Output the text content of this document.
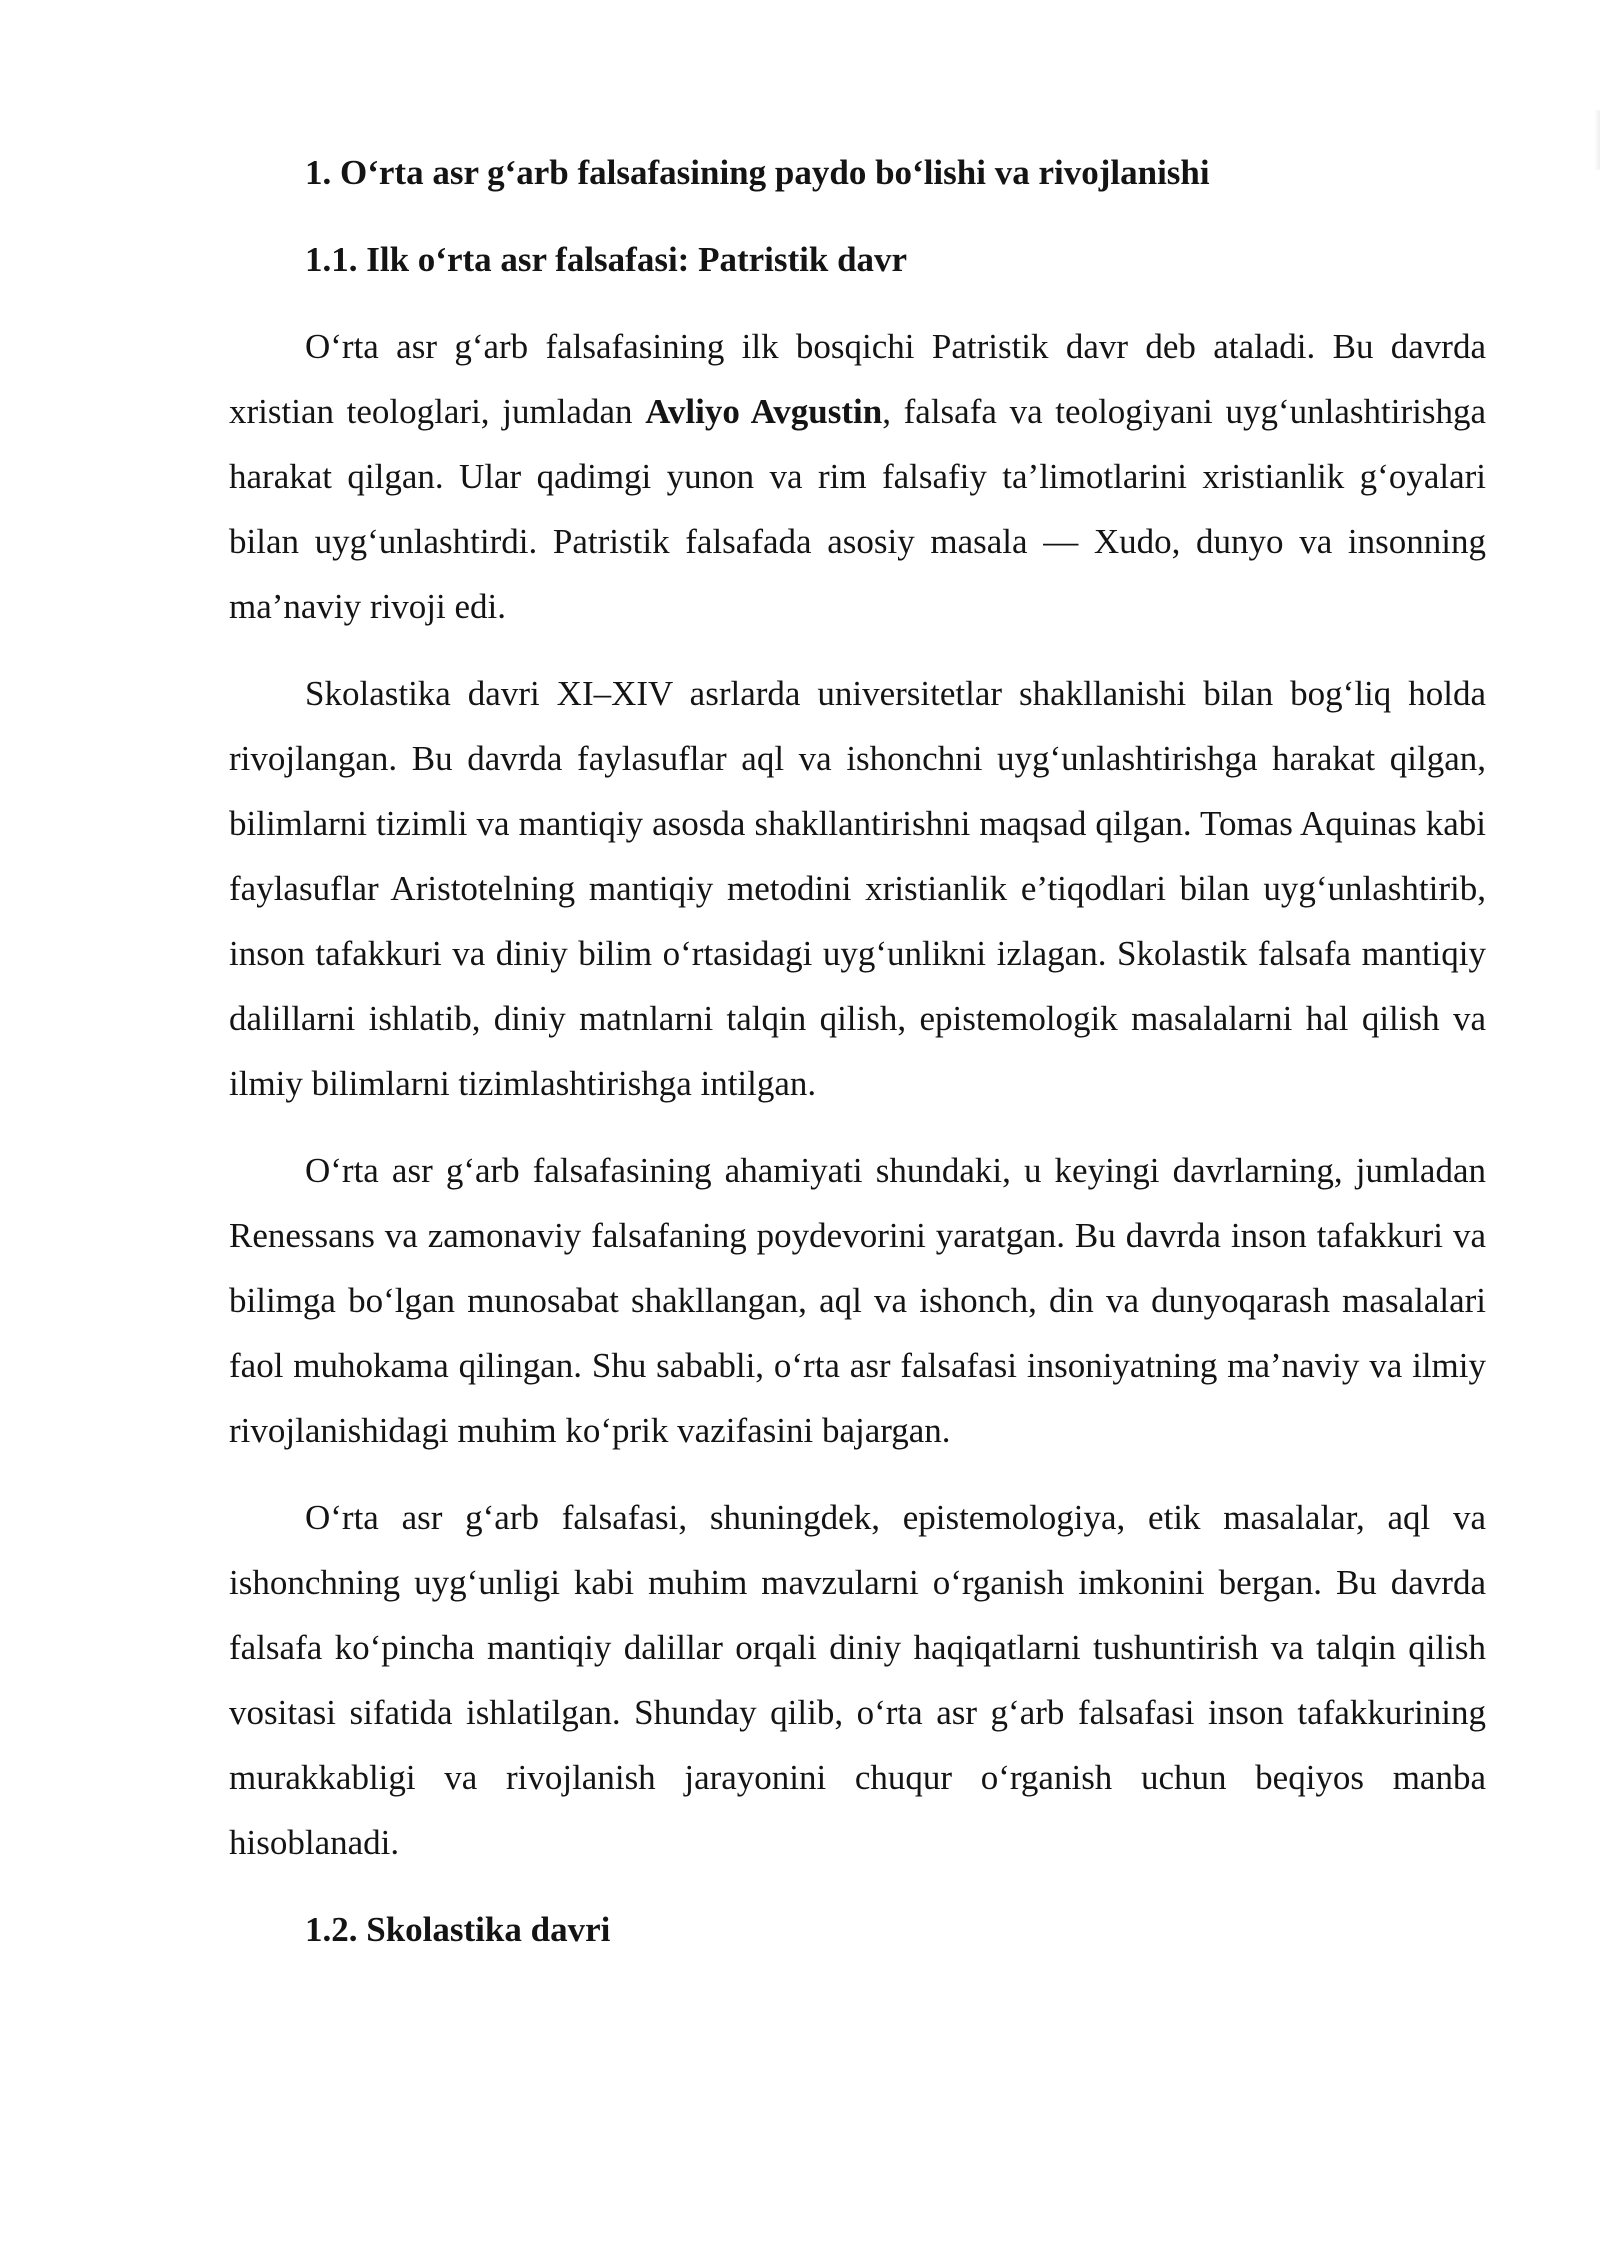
1. O‘rta asr g‘arb falsafasining paydo bo‘lishi va rivojlanishi
1.1. Ilk o‘rta asr falsafasi: Patristik davr
O‘rta asr g‘arb falsafasining ilk bosqichi Patristik davr deb ataladi. Bu davrda xristian teologlari, jumladan Avliyo Avgustin, falsafa va teologiyani uyg‘unlashtirishga harakat qilgan. Ular qadimgi yunon va rim falsafiy ta’limotlarini xristianlik g‘oyalari bilan uyg‘unlashtirdi. Patristik falsafada asosiy masala — Xudo, dunyo va insonning ma’naviy rivoji edi.
Skolastika davri XI–XIV asrlarda universitetlar shakllanishi bilan bog‘liq holda rivojlangan. Bu davrda faylasuflar aql va ishonchni uyg‘unlashtirishga harakat qilgan, bilimlarni tizimli va mantiqiy asosda shakllantirishni maqsad qilgan. Tomas Aquinas kabi faylasuflar Aristotelning mantiqiy metodini xristianlik e’tiqodlari bilan uyg‘unlashtirib, inson tafakkuri va diniy bilim o‘rtasidagi uyg‘unlikni izlagan. Skolastik falsafa mantiqiy dalillarni ishlatib, diniy matnlarni talqin qilish, epistemologik masalalarni hal qilish va ilmiy bilimlarni tizimlashtirishga intilgan.
O‘rta asr g‘arb falsafasining ahamiyati shundaki, u keyingi davrlarning, jumladan Renessans va zamonaviy falsafaning poydevorini yaratgan. Bu davrda inson tafakkuri va bilimga bo‘lgan munosabat shakllangan, aql va ishonch, din va dunyoqarash masalalari faol muhokama qilingan. Shu sababli, o‘rta asr falsafasi insoniyatning ma’naviy va ilmiy rivojlanishidagi muhim ko‘prik vazifasini bajargan.
O‘rta asr g‘arb falsafasi, shuningdek, epistemologiya, etik masalalar, aql va ishonchning uyg‘unligi kabi muhim mavzularni o‘rganish imkonini bergan. Bu davrda falsafa ko‘pincha mantiqiy dalillar orqali diniy haqiqatlarni tushuntirish va talqin qilish vositasi sifatida ishlatilgan. Shunday qilib, o‘rta asr g‘arb falsafasi inson tafakkurining murakkabligi va rivojlanish jarayonini chuqur o‘rganish uchun beqiyos manba hisoblanadi.
1.2. Skolastika davri
